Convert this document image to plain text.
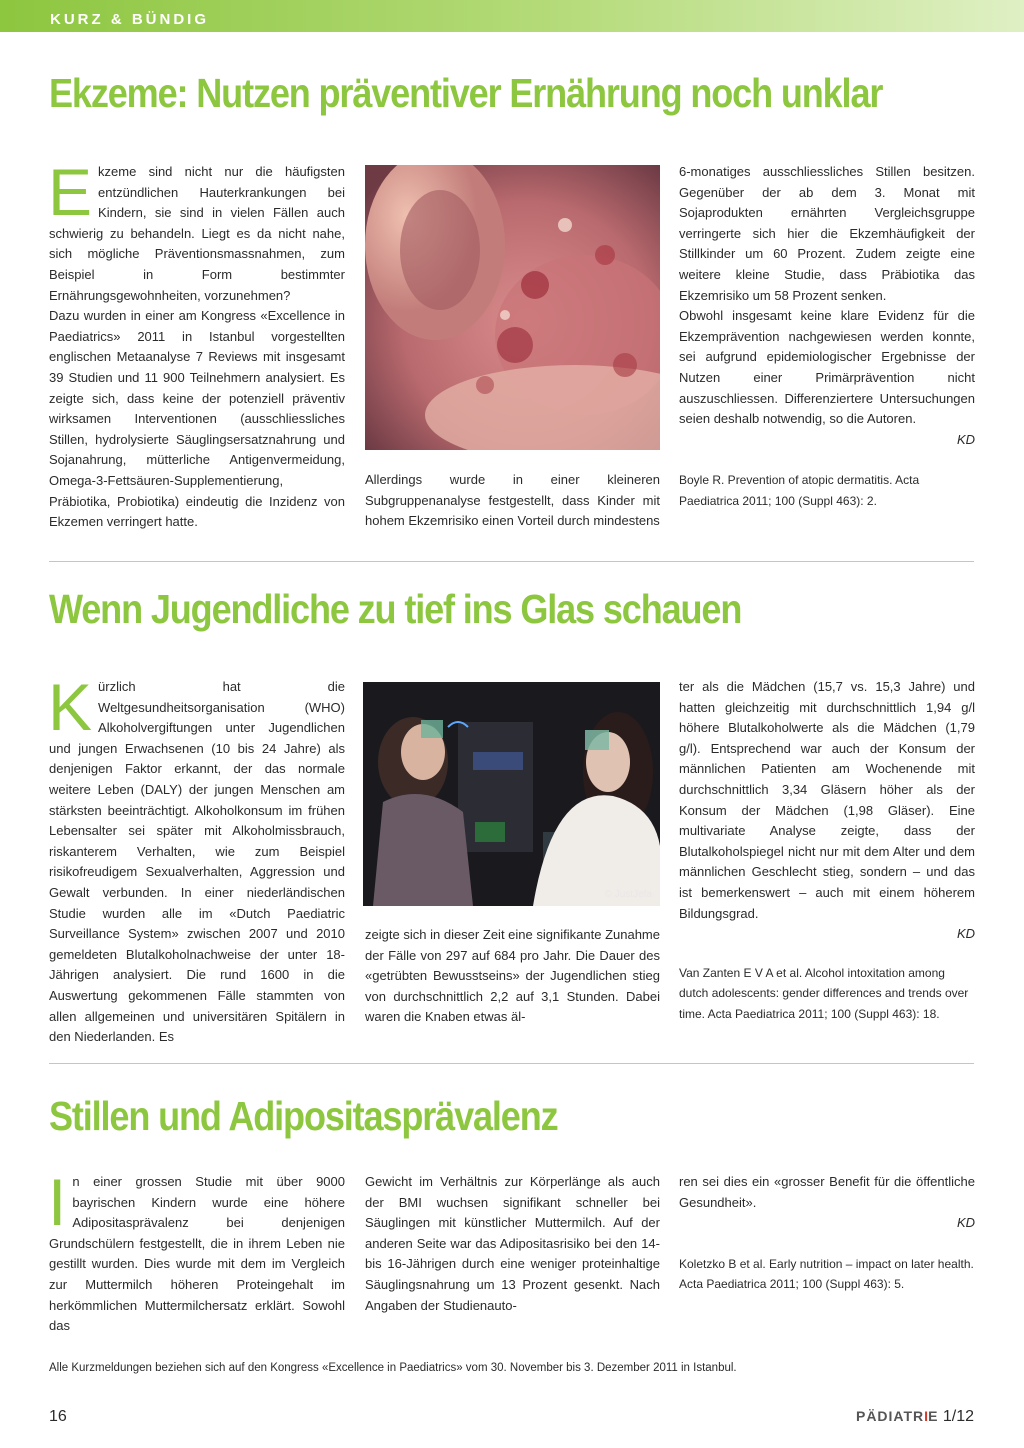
KURZ & BÜNDIG
Ekzeme: Nutzen präventiver Ernährung noch unklar
E kzeme sind nicht nur die häufigsten entzündlichen Hauterkrankungen bei Kindern, sie sind in vielen Fällen auch schwierig zu behandeln. Liegt es da nicht nahe, sich mögliche Präventionsmassnahmen, zum Beispiel in Form bestimmter Ernährungsgewohnheiten, vorzunehmen?

Dazu wurden in einer am Kongress «Excellence in Paediatrics» 2011 in Istanbul vorgestellten englischen Metaanalyse 7 Reviews mit insgesamt 39 Studien und 11 900 Teilnehmern analysiert. Es zeigte sich, dass keine der potenziell präventiv wirksamen Interventionen (ausschliessliches Stillen, hydrolysierte Säuglingsersatznahrung und Sojanahrung, mütterliche Antigenvermeidung, Omega-3-Fettsäuren-Supplementierung, Präbiotika, Probiotika) eindeutig die Inzidenz von Ekzemen verringert hatte.

Allerdings wurde in einer kleineren Subgruppenanalyse festgestellt, dass Kinder mit hohem Ekzemrisiko einen Vorteil durch mindestens

6-monatiges ausschliessliches Stillen besitzen. Gegenüber der ab dem 3. Monat mit Sojaprodukten ernährten Vergleichsgruppe verringerte sich hier die Ekzemhäufigkeit der Stillkinder um 60 Prozent. Zudem zeigte eine weitere kleine Studie, dass Präbiotika das Ekzemrisiko um 58 Prozent senken.

Obwohl insgesamt keine klare Evidenz für die Ekzemprävention nachgewiesen werden konnte, sei aufgrund epidemiologischer Ergebnisse der Nutzen einer Primärprävention nicht auszuschliessen. Differenziertere Untersuchungen seien deshalb notwendig, so die Autoren.

KD

Boyle R. Prevention of atopic dermatitis. Acta Paediatrica 2011; 100 (Suppl 463): 2.

Wenn Jugendliche zu tief ins Glas schauen
K ürzlich hat die Weltgesundheitsorganisation (WHO) Alkoholvergiftungen unter Jugendlichen und jungen Erwachsenen (10 bis 24 Jahre) als denjenigen Faktor erkannt, der das normale weitere Leben (DALY) der jungen Menschen am stärksten beeinträchtigt. Alkoholkonsum im frühen Lebensalter sei später mit Alkoholmissbrauch, riskanterem Verhalten, wie zum Beispiel risikofreudigem Sexualverhalten, Aggression und Gewalt verbunden. In einer niederländischen Studie wurden alle im «Dutch Paediatric Surveillance System» zwischen 2007 und 2010 gemeldeten Blutalkoholnachweise der unter 18-Jährigen analysiert. Die rund 1600 in die Auswertung gekommenen Fälle stammten von allen allgemeinen und universitären Spitälern in den Niederlanden. Es

© JustJefa

zeigte sich in dieser Zeit eine signifikante Zunahme der Fälle von 297 auf 684 pro Jahr. Die Dauer des «getrübten Bewusstseins» der Jugendlichen stieg von durchschnittlich 2,2 auf 3,1 Stunden. Dabei waren die Knaben etwas äl-

ter als die Mädchen (15,7 vs. 15,3 Jahre) und hatten gleichzeitig mit durchschnittlich 1,94 g/l höhere Blutalkoholwerte als die Mädchen (1,79 g/l). Entsprechend war auch der Konsum der männlichen Patienten am Wochenende mit durchschnittlich 3,34 Gläsern höher als der Konsum der Mädchen (1,98 Gläser). Eine multivariate Analyse zeigte, dass der Blutalkoholspiegel nicht nur mit dem Alter und dem männlichen Geschlecht stieg, sondern – und das ist bemerkenswert – auch mit einem höherem Bildungsgrad.

KD

Van Zanten E V A et al. Alcohol intoxitation among dutch adolescents: gender differences and trends over time. Acta Paediatrica 2011; 100 (Suppl 463): 18.

Stillen und Adipositasprävalenz
I n einer grossen Studie mit über 9000 bayrischen Kindern wurde eine höhere Adipositasprävalenz bei denjenigen Grundschülern festgestellt, die in ihrem Leben nie gestillt wurden. Dies wurde mit dem im Vergleich zur Muttermilch höheren Proteingehalt im herkömmlichen Muttermilchersatz erklärt. Sowohl das

Gewicht im Verhältnis zur Körperlänge als auch der BMI wuchsen signifikant schneller bei Säuglingen mit künstlicher Muttermilch. Auf der anderen Seite war das Adipositasrisiko bei den 14- bis 16-Jährigen durch eine weniger proteinhaltige Säuglingsnahrung um 13 Prozent gesenkt. Nach Angaben der Studienauto-

ren sei dies ein «grosser Benefit für die öffentliche Gesundheit».

KD

Koletzko B et al. Early nutrition – impact on later health. Acta Paediatrica 2011; 100 (Suppl 463): 5.

Alle Kurzmeldungen beziehen sich auf den Kongress «Excellence in Paediatrics» vom 30. November bis 3. Dezember 2011 in Istanbul.
16	PÄDIATRIE 1/12
